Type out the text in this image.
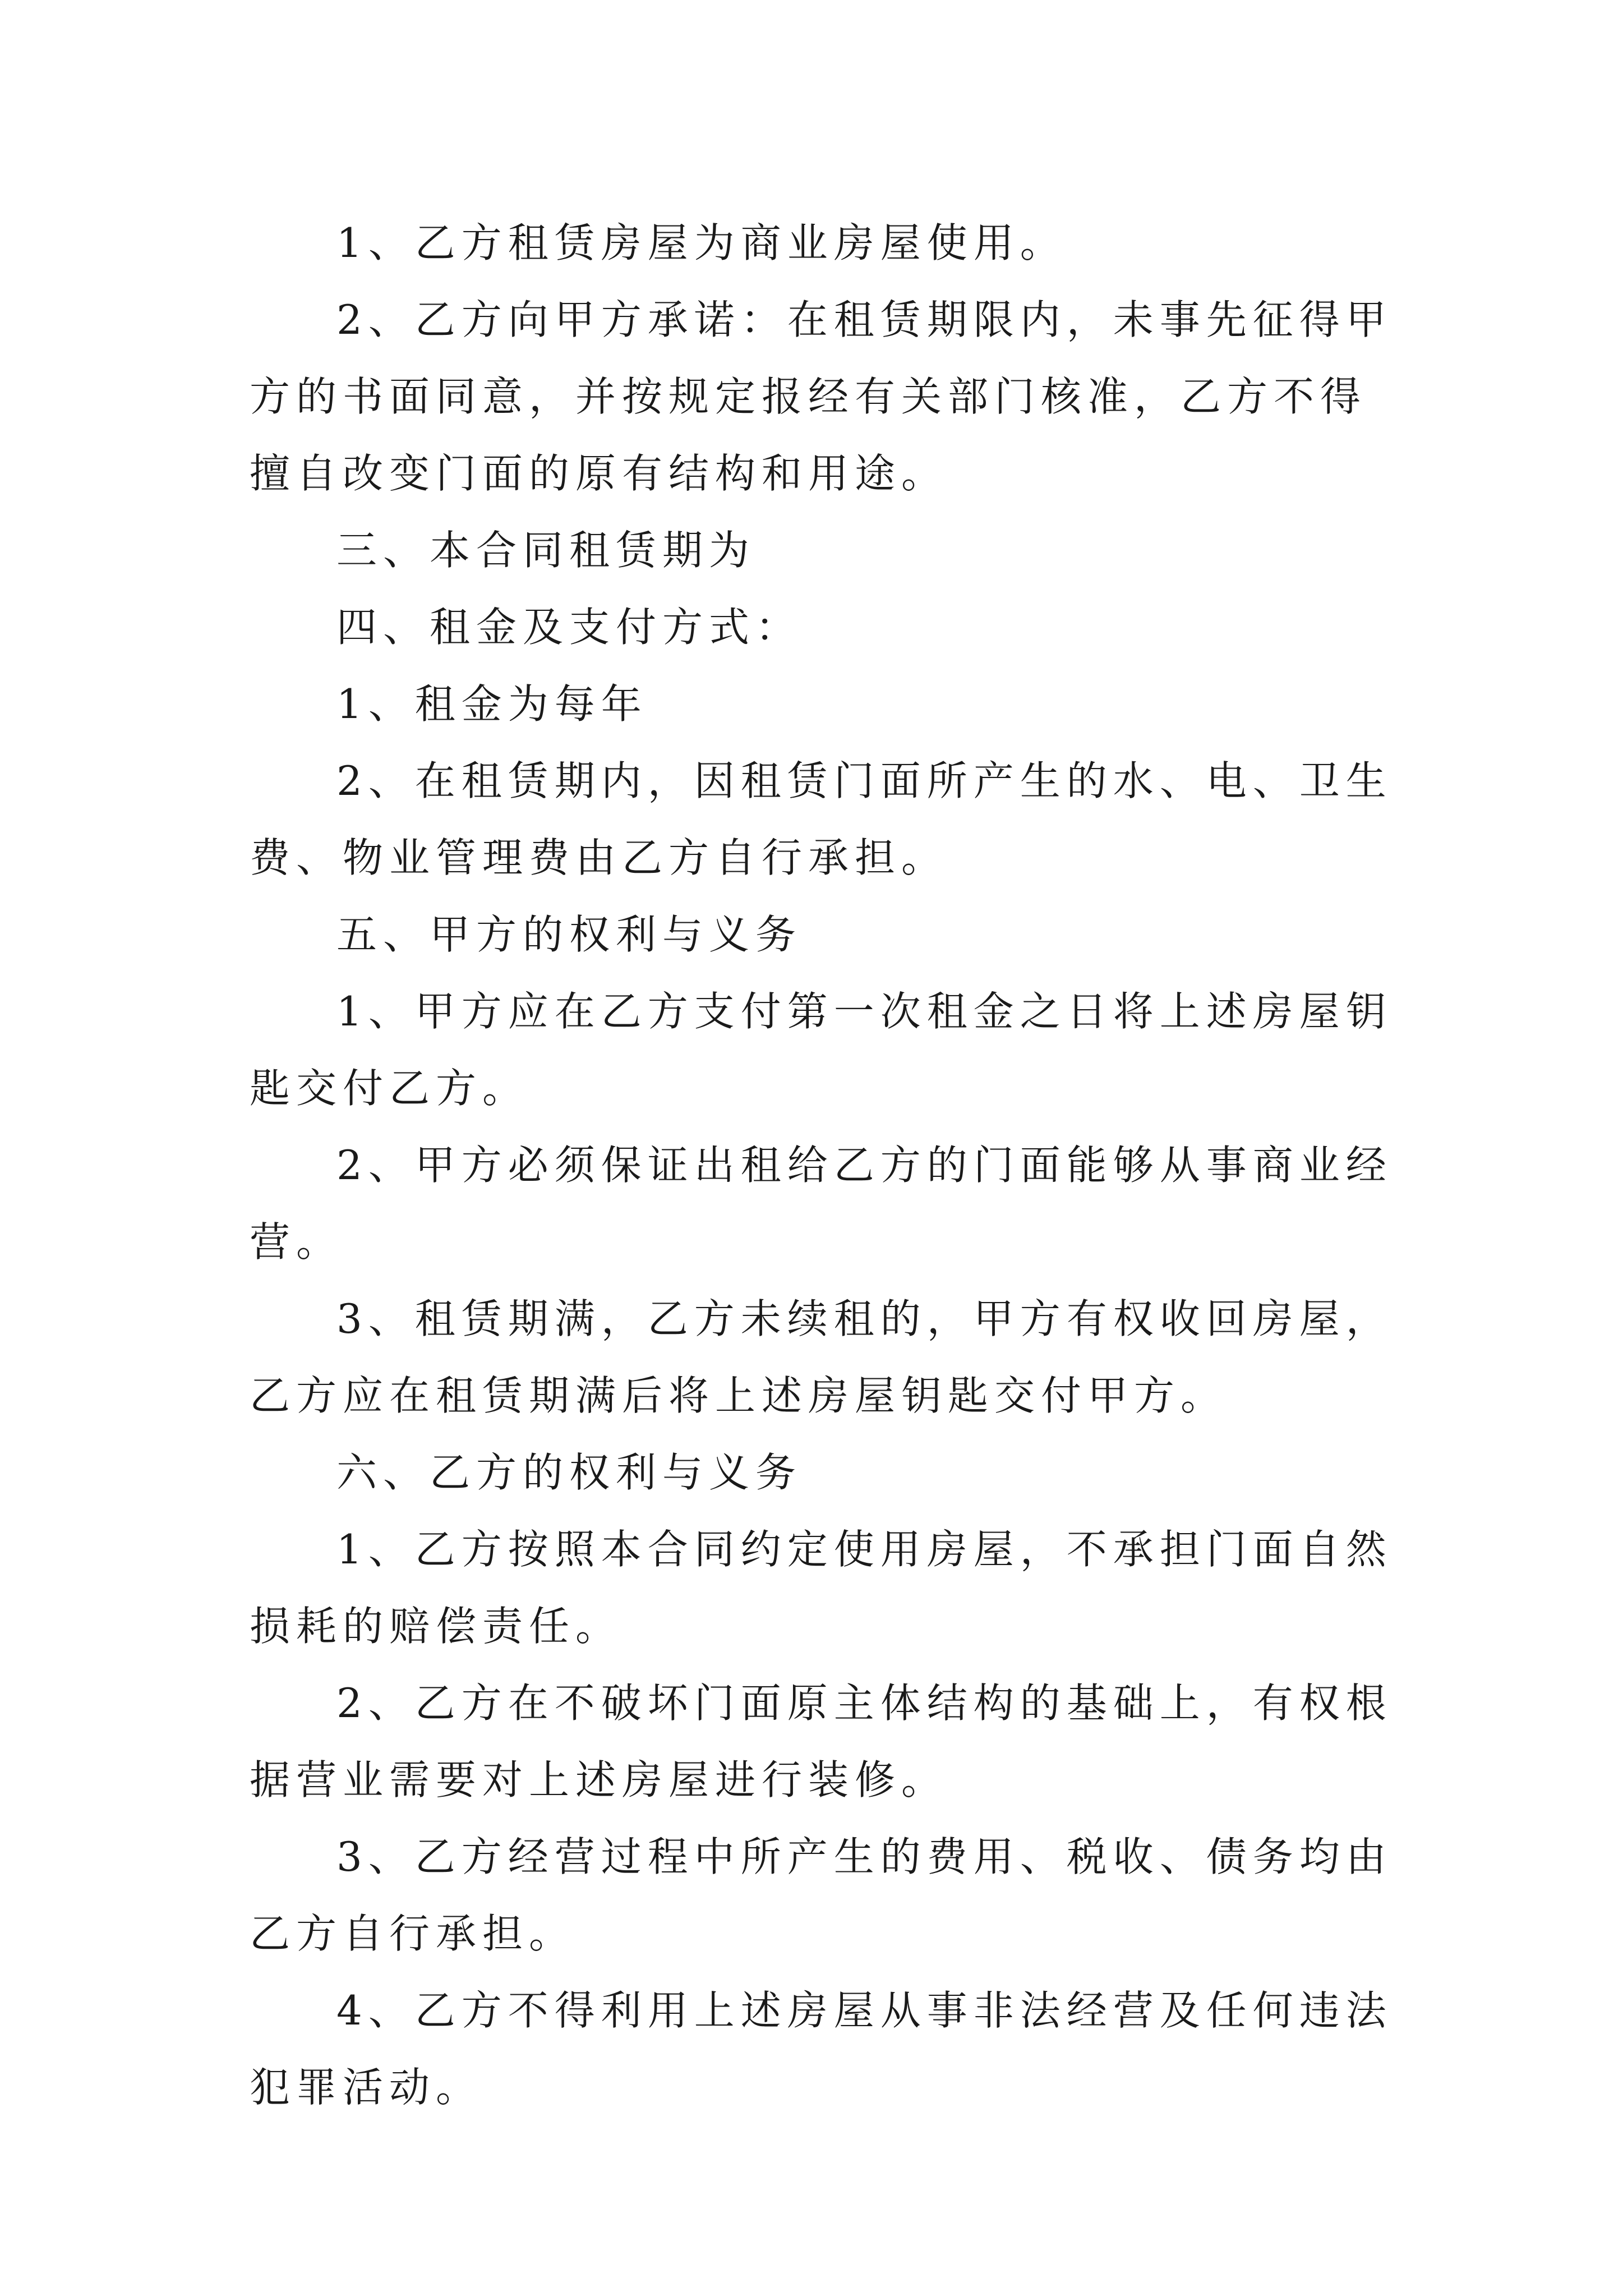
1、乙方租赁房屋为商业房屋使用。

2、乙方向甲方承诺：在租赁期限内，未事先征得甲方的书面同意，并按规定报经有关部门核准，乙方不得 擅自改变门面的原有结构和用途。

三、本合同租赁期为

四、租金及支付方式：

1、租金为每年

2、在租赁期内，因租赁门面所产生的水、电、卫生费、物业管理费由乙方自行承担。

五、甲方的权利与义务

1、甲方应在乙方支付第一次租金之日将上述房屋钥匙交付乙方。

2、甲方必须保证出租给乙方的门面能够从事商业经营。

3、租赁期满，乙方未续租的，甲方有权收回房屋，乙方应在租赁期满后将上述房屋钥匙交付甲方。

六、乙方的权利与义务

1、乙方按照本合同约定使用房屋，不承担门面自然损耗的赔偿责任。

2、乙方在不破坏门面原主体结构的基础上，有权根据营业需要对上述房屋进行装修。

3、乙方经营过程中所产生的费用、税收、债务均由乙方自行承担。

4、乙方不得利用上述房屋从事非法经营及任何违法犯罪活动。
